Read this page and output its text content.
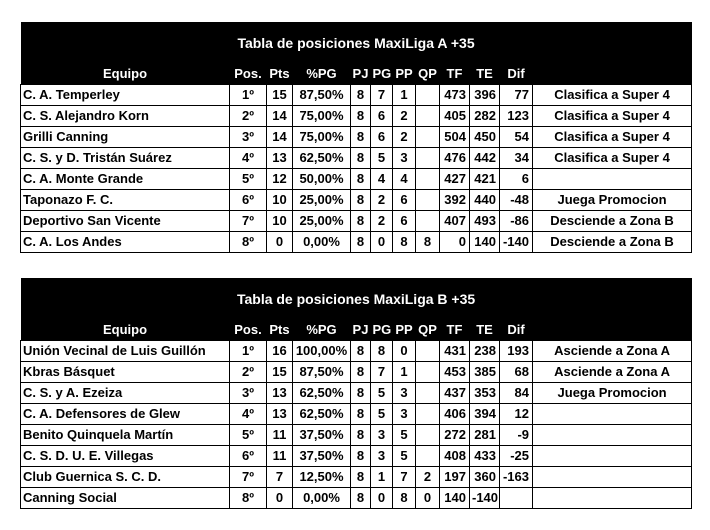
Tabla de posiciones MaxiLiga A +35											
Equipo	Pos.	Pts	%PG	PJ	PG	PP	QP	TF	TE	Dif	
C. A. Temperley	1º	15	87,50%	8	7	1		473	396	77	Clasifica a Super 4
C. S. Alejandro Korn	2º	14	75,00%	8	6	2		405	282	123	Clasifica a Super 4
Grilli Canning	3º	14	75,00%	8	6	2		504	450	54	Clasifica a Super 4
C. S. y D. Tristán Suárez	4º	13	62,50%	8	5	3		476	442	34	Clasifica a Super 4
C. A. Monte Grande	5º	12	50,00%	8	4	4		427	421	6	
Taponazo F. C.	6º	10	25,00%	8	2	6		392	440	-48	Juega Promocion
Deportivo San Vicente	7º	10	25,00%	8	2	6		407	493	-86	Desciende a Zona B
C. A. Los Andes	8º	0	0,00%	8	0	8	8	0	140	-140	Desciende a Zona B
Tabla de posiciones MaxiLiga B +35											
Equipo	Pos.	Pts	%PG	PJ	PG	PP	QP	TF	TE	Dif	
Unión Vecinal de Luis Guillón	1º	16	100,00%	8	8	0		431	238	193	Asciende a Zona A
Kbras Básquet	2º	15	87,50%	8	7	1		453	385	68	Asciende a Zona A
C. S. y A. Ezeiza	3º	13	62,50%	8	5	3		437	353	84	Juega Promocion
C. A. Defensores de Glew	4º	13	62,50%	8	5	3		406	394	12	
Benito Quinquela Martín	5º	11	37,50%	8	3	5		272	281	-9	
C. S. D. U. E. Villegas	6º	11	37,50%	8	3	5		408	433	-25	
Club Guernica S. C. D.	7º	7	12,50%	8	1	7	2	197	360	-163	
Canning Social	8º	0	0,00%	8	0	8	0	140	-140		
